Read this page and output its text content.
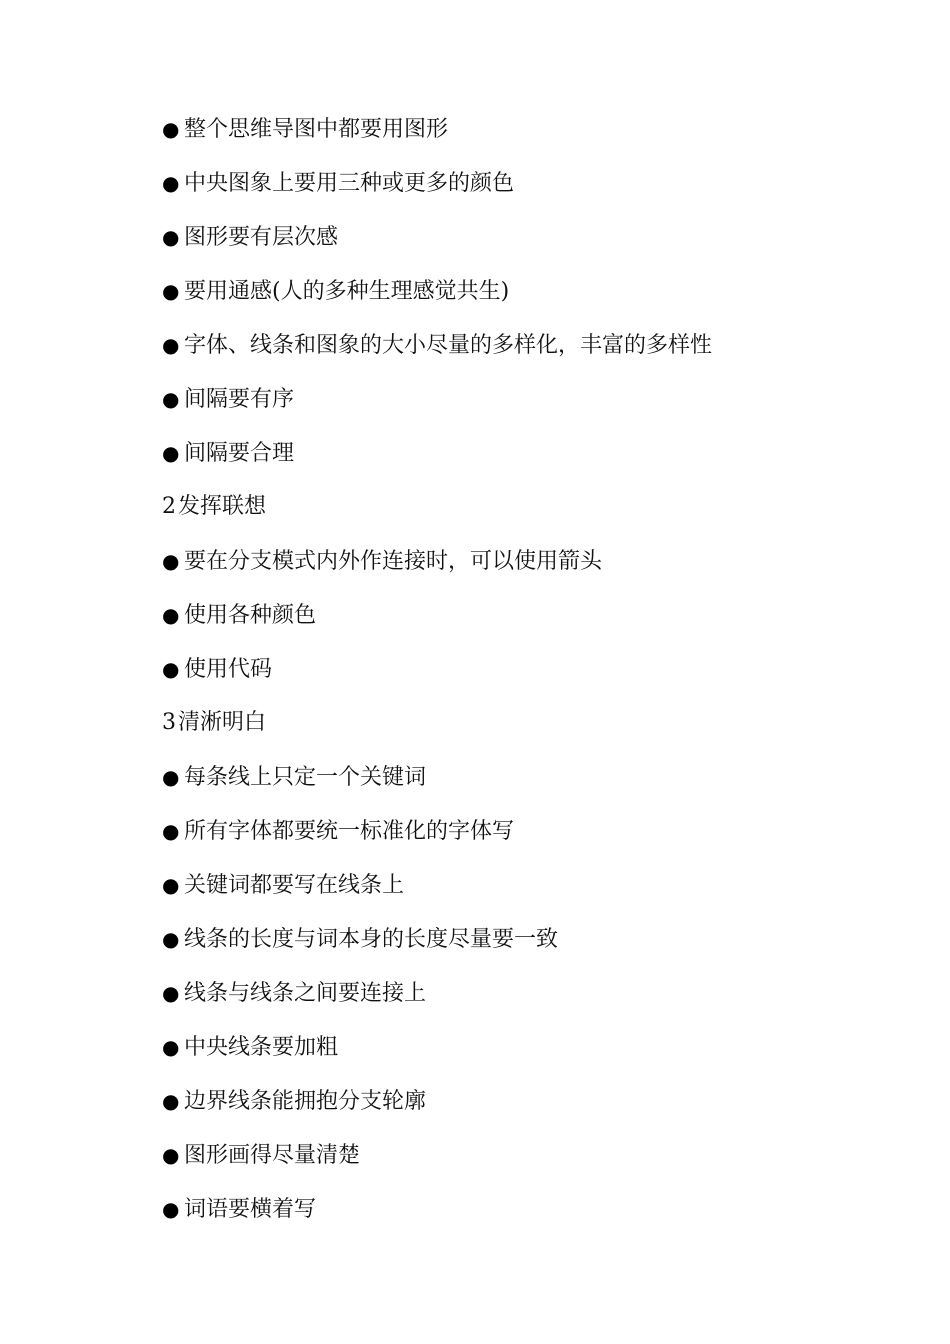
● 整个思维导图中都要用图形
● 中央图象上要用三种或更多的颜色
● 图形要有层次感
● 要用通感(人的多种生理感觉共生)
● 字体、线条和图象的大小尽量的多样化，丰富的多样性
● 间隔要有序
● 间隔要合理
2发挥联想
● 要在分支模式内外作连接时，可以使用箭头
● 使用各种颜色
● 使用代码
3清淅明白
● 每条线上只定一个关键词
● 所有字体都要统一标准化的字体写
● 关键词都要写在线条上
● 线条的长度与词本身的长度尽量要一致
● 线条与线条之间要连接上
● 中央线条要加粗
● 边界线条能拥抱分支轮廓
● 图形画得尽量清楚
● 词语要横着写
